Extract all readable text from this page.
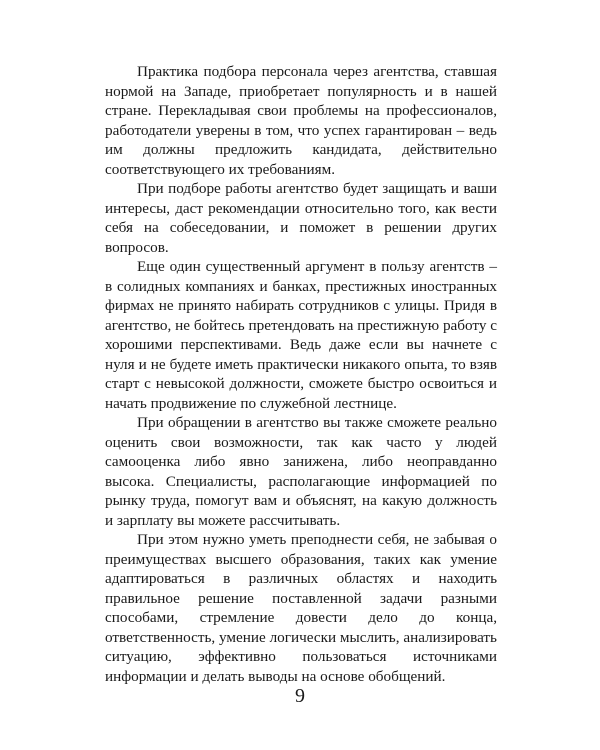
Практика подбора персонала через агентства, ставшая нормой на Западе, приобретает популярность и в нашей стране. Перекладывая свои проблемы на профессионалов, работодатели уверены в том, что успех гарантирован – ведь им должны предложить кандидата, действительно соответствующего их требованиям.

При подборе работы агентство будет защищать и ваши интересы, даст рекомендации относительно того, как вести себя на собеседовании, и поможет в решении других вопросов.

Еще один существенный аргумент в пользу агентств – в солидных компаниях и банках, престижных иностранных фирмах не принято набирать сотрудников с улицы. Придя в агентство, не бойтесь претендовать на престижную работу с хорошими перспективами. Ведь даже если вы начнете с нуля и не будете иметь практически никакого опыта, то взяв старт с невысокой должности, сможете быстро освоиться и начать продвижение по служебной лестнице.

При обращении в агентство вы также сможете реально оценить свои возможности, так как часто у людей самооценка либо явно занижена, либо неоправданно высока. Специалисты, располагающие информацией по рынку труда, помогут вам и объяснят, на какую должность и зарплату вы можете рассчитывать.

При этом нужно уметь преподнести себя, не забывая о преимуществах высшего образования, таких как умение адаптироваться в различных областях и находить правильное решение поставленной задачи разными способами, стремление довести дело до конца, ответственность, умение логически мыслить, анализировать ситуацию, эффективно пользоваться источниками информации и делать выводы на основе обобщений.

9
